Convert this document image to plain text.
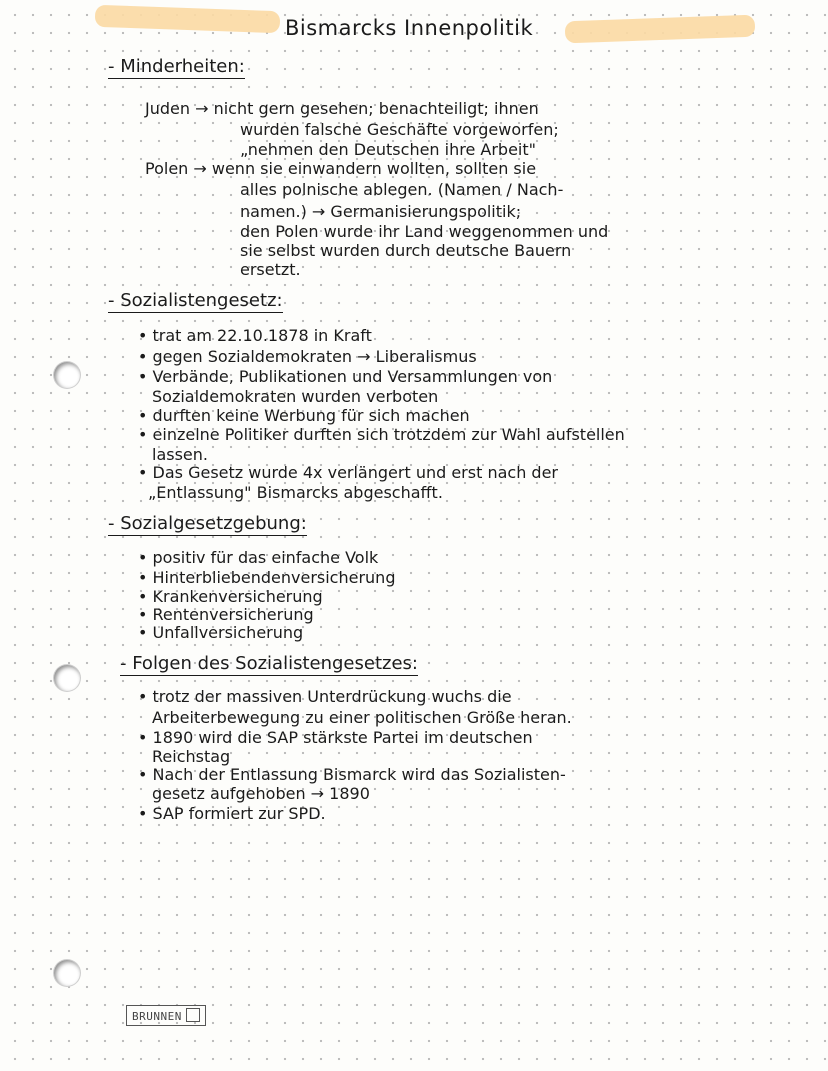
Bismarcks Innenpolitik
- Minderheiten:
Juden → nicht gern gesehen; benachteiligt; ihnen
wurden falsche Geschäfte vorgeworfen;
„nehmen den Deutschen ihre Arbeit"
Polen → wenn sie einwandern wollten, sollten sie
alles polnische ablegen. (Namen / Nach-
namen.) → Germanisierungspolitik;
den Polen wurde ihr Land weggenommen und
sie selbst wurden durch deutsche Bauern
ersetzt.
- Sozialistengesetz:
• trat am 22.10.1878 in Kraft
• gegen Sozialdemokraten → Liberalismus
• Verbände, Publikationen und Versammlungen von
Sozialdemokraten wurden verboten
• durften keine Werbung für sich machen
• einzelne Politiker durften sich trotzdem zur Wahl aufstellen
lassen.
• Das Gesetz wurde 4x verlängert und erst nach der
„Entlassung" Bismarcks abgeschafft.
- Sozialgesetzgebung:
• positiv für das einfache Volk
• Hinterbliebendenversicherung
• Krankenversicherung
• Rentenversicherung
• Unfallversicherung
- Folgen des Sozialistengesetzes:
• trotz der massiven Unterdrückung wuchs die
Arbeiterbewegung zu einer politischen Größe heran.
• 1890 wird die SAP stärkste Partei im deutschen
Reichstag
• Nach der Entlassung Bismarck wird das Sozialisten-
gesetz aufgehoben → 1890
• SAP formiert zur SPD.
BRUNNEN
